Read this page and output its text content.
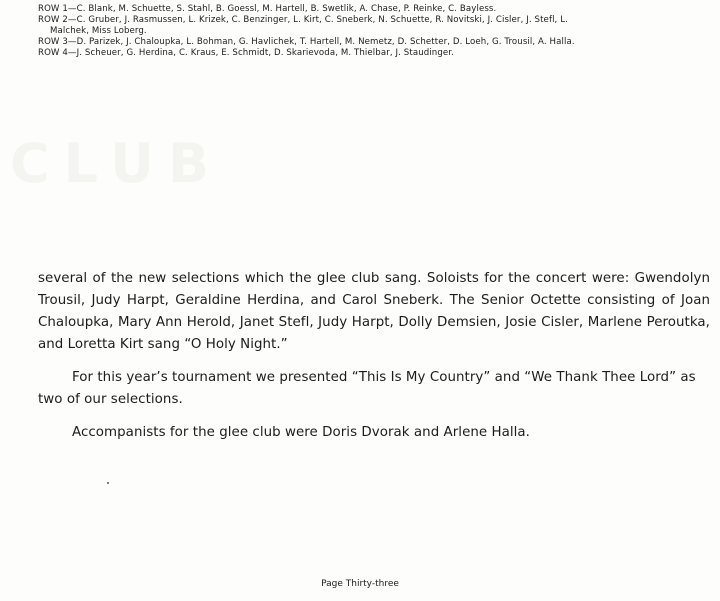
ROW 1—C. Blank, M. Schuette, S. Stahl, B. Goessl, M. Hartell, B. Swetlik, A. Chase, P. Reinke, C. Bayless.

ROW 2—C. Gruber, J. Rasmussen, L. Krizek, C. Benzinger, L. Kirt, C. Sneberk, N. Schuette, R. Novitski, J. Cisler, J. Stefl, L.

Malchek, Miss Loberg.

ROW 3—D. Parizek, J. Chaloupka, L. Bohman, G. Havlichek, T. Hartell, M. Nemetz, D. Schetter, D. Loeh, G. Trousil, A. Halla.

ROW 4—J. Scheuer, G. Herdina, C. Kraus, E. Schmidt, D. Skarievoda, M. Thielbar, J. Staudinger.

CLUB

several of the new selections which the glee club sang. Soloists for the concert were: Gwendolyn Trousil, Judy Harpt, Geraldine Herdina, and Carol Sneberk. The Senior Octette consisting of Joan Chaloupka, Mary Ann Herold, Janet Stefl, Judy Harpt, Dolly Demsien, Josie Cisler, Marlene Peroutka, and Loretta Kirt sang “O Holy Night.”

For this year’s tournament we presented “This Is My Country” and “We Thank Thee Lord” as two of our selections.

Accompanists for the glee club were Doris Dvorak and Arlene Halla.

Page Thirty-three
